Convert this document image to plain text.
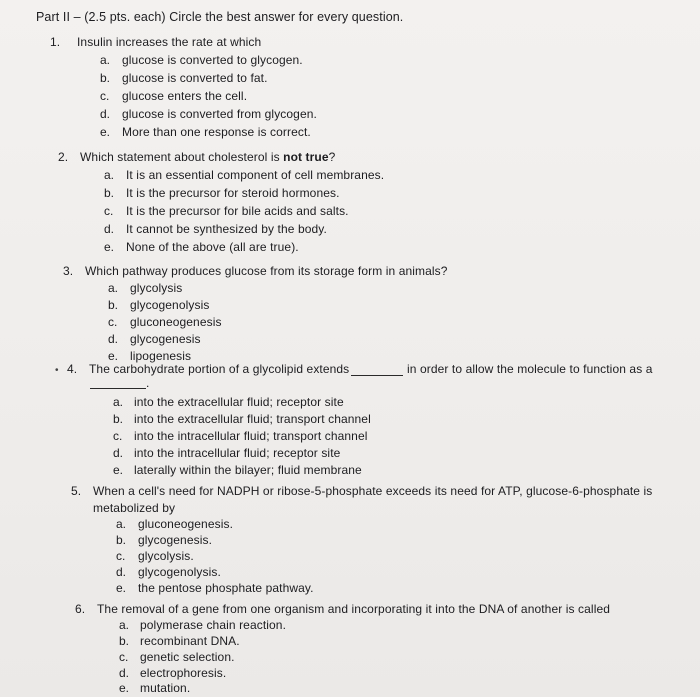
Part II – (2.5 pts. each) Circle the best answer for every question.
1. Insulin increases the rate at which
a. glucose is converted to glycogen.
b. glucose is converted to fat.
c. glucose enters the cell.
d. glucose is converted from glycogen.
e. More than one response is correct.
2. Which statement about cholesterol is not true?
a. It is an essential component of cell membranes.
b. It is the precursor for steroid hormones.
c. It is the precursor for bile acids and salts.
d. It cannot be synthesized by the body.
e. None of the above (all are true).
3. Which pathway produces glucose from its storage form in animals?
a. glycolysis
b. glycogenolysis
c. gluconeogenesis
d. glycogenesis
e. lipogenesis
• 4. The carbohydrate portion of a glycolipid extends	in order to allow the molecule to function as a
.
a. into the extracellular fluid; receptor site
b. into the extracellular fluid; transport channel
c. into the intracellular fluid; transport channel
d. into the intracellular fluid; receptor site
e. laterally within the bilayer; fluid membrane
5. When a cell's need for NADPH or ribose-5-phosphate exceeds its need for ATP, glucose-6-phosphate is
metabolized by
a. gluconeogenesis.
b. glycogenesis.
c. glycolysis.
d. glycogenolysis.
e. the pentose phosphate pathway.
6. The removal of a gene from one organism and incorporating it into the DNA of another is called
a. polymerase chain reaction.
b. recombinant DNA.
c. genetic selection.
d. electrophoresis.
e. mutation.
